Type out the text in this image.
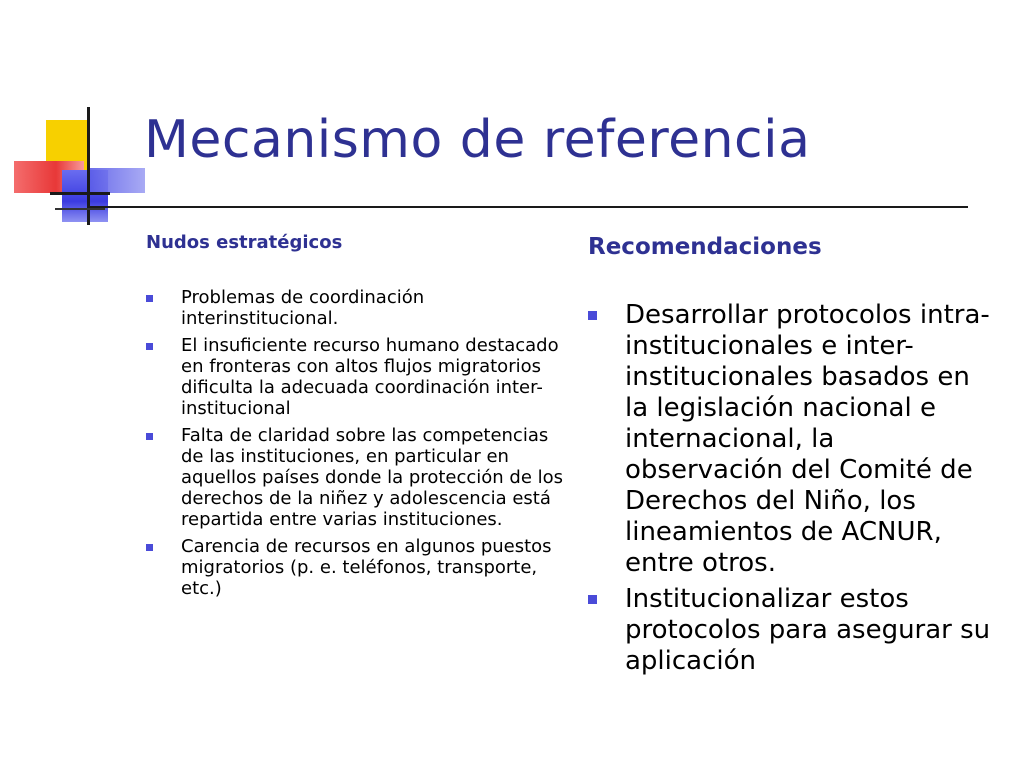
Mecanismo de referencia
Nudos estratégicos
Problemas de coordinación interinstitucional.
El insuficiente recurso humano destacado en fronteras con altos flujos migratorios dificulta la adecuada coordinación inter-institucional
Falta de claridad sobre las competencias de las instituciones, en particular en aquellos países donde la protección de los derechos de la niñez y adolescencia está repartida entre varias instituciones.
Carencia de recursos en algunos puestos migratorios (p. e. teléfonos, transporte, etc.)
Recomendaciones
Desarrollar protocolos intra-institucionales e inter-institucionales basados en la legislación nacional e internacional, la observación del Comité de Derechos del Niño, los lineamientos de ACNUR, entre otros.
Institucionalizar estos protocolos para asegurar su aplicación
